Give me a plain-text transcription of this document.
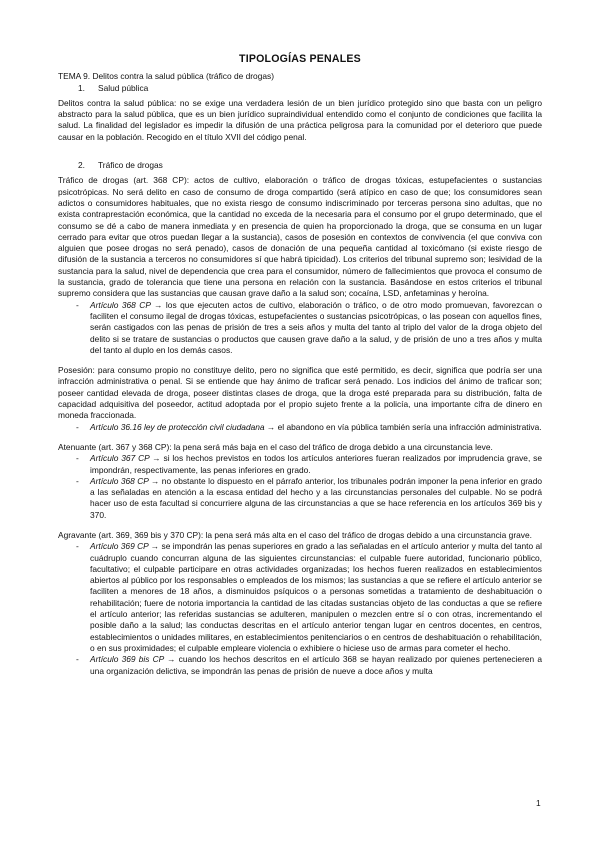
TIPOLOGÍAS PENALES

TEMA 9. Delitos contra la salud pública (tráfico de drogas)

1. Salud pública

Delitos contra la salud pública: no se exige una verdadera lesión de un bien jurídico protegido sino que basta con un peligro abstracto para la salud pública, que es un bien jurídico supraindividual entendido como el conjunto de condiciones que facilita la salud. La finalidad del legislador es impedir la difusión de una práctica peligrosa para la comunidad por el deterioro que puede causar en la población. Recogido en el título XVII del código penal.

2. Tráfico de drogas

Tráfico de drogas (art. 368 CP): actos de cultivo, elaboración o tráfico de drogas tóxicas, estupefacientes o sustancias psicotrópicas. No será delito en caso de consumo de droga compartido (será atípico en caso de que; los consumidores sean adictos o consumidores habituales, que no exista riesgo de consumo indiscriminado por terceras persona sino adultas, que no exista contraprestación económica, que la cantidad no exceda de la necesaria para el consumo por el grupo determinado, que el consumo se dé a cabo de manera inmediata y en presencia de quien ha proporcionado la droga, que se consuma en un lugar cerrado para evitar que otros puedan llegar a la sustancia), casos de posesión en contextos de convivencia (el que conviva con alguien que posee drogas no será penado), casos de donación de una pequeña cantidad al toxicómano (si existe riesgo de difusión de la sustancia a terceros no consumidores sí que habrá tipicidad). Los criterios del tribunal supremo son; lesividad de la sustancia para la salud, nivel de dependencia que crea para el consumidor, número de fallecimientos que provoca el consumo de la sustancia, grado de tolerancia que tiene una persona en relación con la sustancia. Basándose en estos criterios el tribunal supremo considera que las sustancias que causan grave daño a la salud son; cocaína, LSD, anfetaminas y heroína.

- Artículo 368 CP → los que ejecuten actos de cultivo, elaboración o tráfico, o de otro modo promuevan, favorezcan o faciliten el consumo ilegal de drogas tóxicas, estupefacientes o sustancias psicotrópicas, o las posean con aquellos fines, serán castigados con las penas de prisión de tres a seis años y multa del tanto al triplo del valor de la droga objeto del delito si se tratare de sustancias o productos que causen grave daño a la salud, y de prisión de uno a tres años y multa del tanto al duplo en los demás casos.

Posesión: para consumo propio no constituye delito, pero no significa que esté permitido, es decir, significa que podría ser una infracción administrativa o penal. Si se entiende que hay ánimo de traficar será penado. Los indicios del ánimo de traficar son; poseer cantidad elevada de droga, poseer distintas clases de droga, que la droga esté preparada para su distribución, falta de capacidad adquisitiva del poseedor, actitud adoptada por el propio sujeto frente a la policía, una importante cifra de dinero en moneda fraccionada.

- Artículo 36.16 ley de protección civil ciudadana → el abandono en vía pública también sería una infracción administrativa.

Atenuante (art. 367 y 368 CP): la pena será más baja en el caso del tráfico de droga debido a una circunstancia leve.

- Artículo 367 CP → si los hechos previstos en todos los artículos anteriores fueran realizados por imprudencia grave, se impondrán, respectivamente, las penas inferiores en grado.
- Artículo 368 CP → no obstante lo dispuesto en el párrafo anterior, los tribunales podrán imponer la pena inferior en grado a las señaladas en atención a la escasa entidad del hecho y a las circunstancias personales del culpable. No se podrá hacer uso de esta facultad si concurriere alguna de las circunstancias a que se hace referencia en los artículos 369 bis y 370.

Agravante (art. 369, 369 bis y 370 CP): la pena será más alta en el caso del tráfico de drogas debido a una circunstancia grave.

- Artículo 369 CP → se impondrán las penas superiores en grado a las señaladas en el artículo anterior y multa del tanto al cuádruplo cuando concurran alguna de las siguientes circunstancias: el culpable fuere autoridad, funcionario público, facultativo; el culpable participare en otras actividades organizadas; los hechos fueren realizados en establecimientos abiertos al público por los responsables o empleados de los mismos; las sustancias a que se refiere el artículo anterior se faciliten a menores de 18 años, a disminuidos psíquicos o a personas sometidas a tratamiento de deshabituación o rehabilitación; fuere de notoria importancia la cantidad de las citadas sustancias objeto de las conductas a que se refiere el artículo anterior; las referidas sustancias se adulteren, manipulen o mezclen entre sí o con otras, incrementando el posible daño a la salud; las conductas descritas en el artículo anterior tengan lugar en centros docentes, en centros, establecimientos o unidades militares, en establecimientos penitenciarios o en centros de deshabituación o rehabilitación, o en sus proximidades; el culpable empleare violencia o exhibiere o hiciese uso de armas para cometer el hecho.
- Artículo 369 bis CP → cuando los hechos descritos en el artículo 368 se hayan realizado por quienes pertenecieren a una organización delictiva, se impondrán las penas de prisión de nueve a doce años y multa
1
